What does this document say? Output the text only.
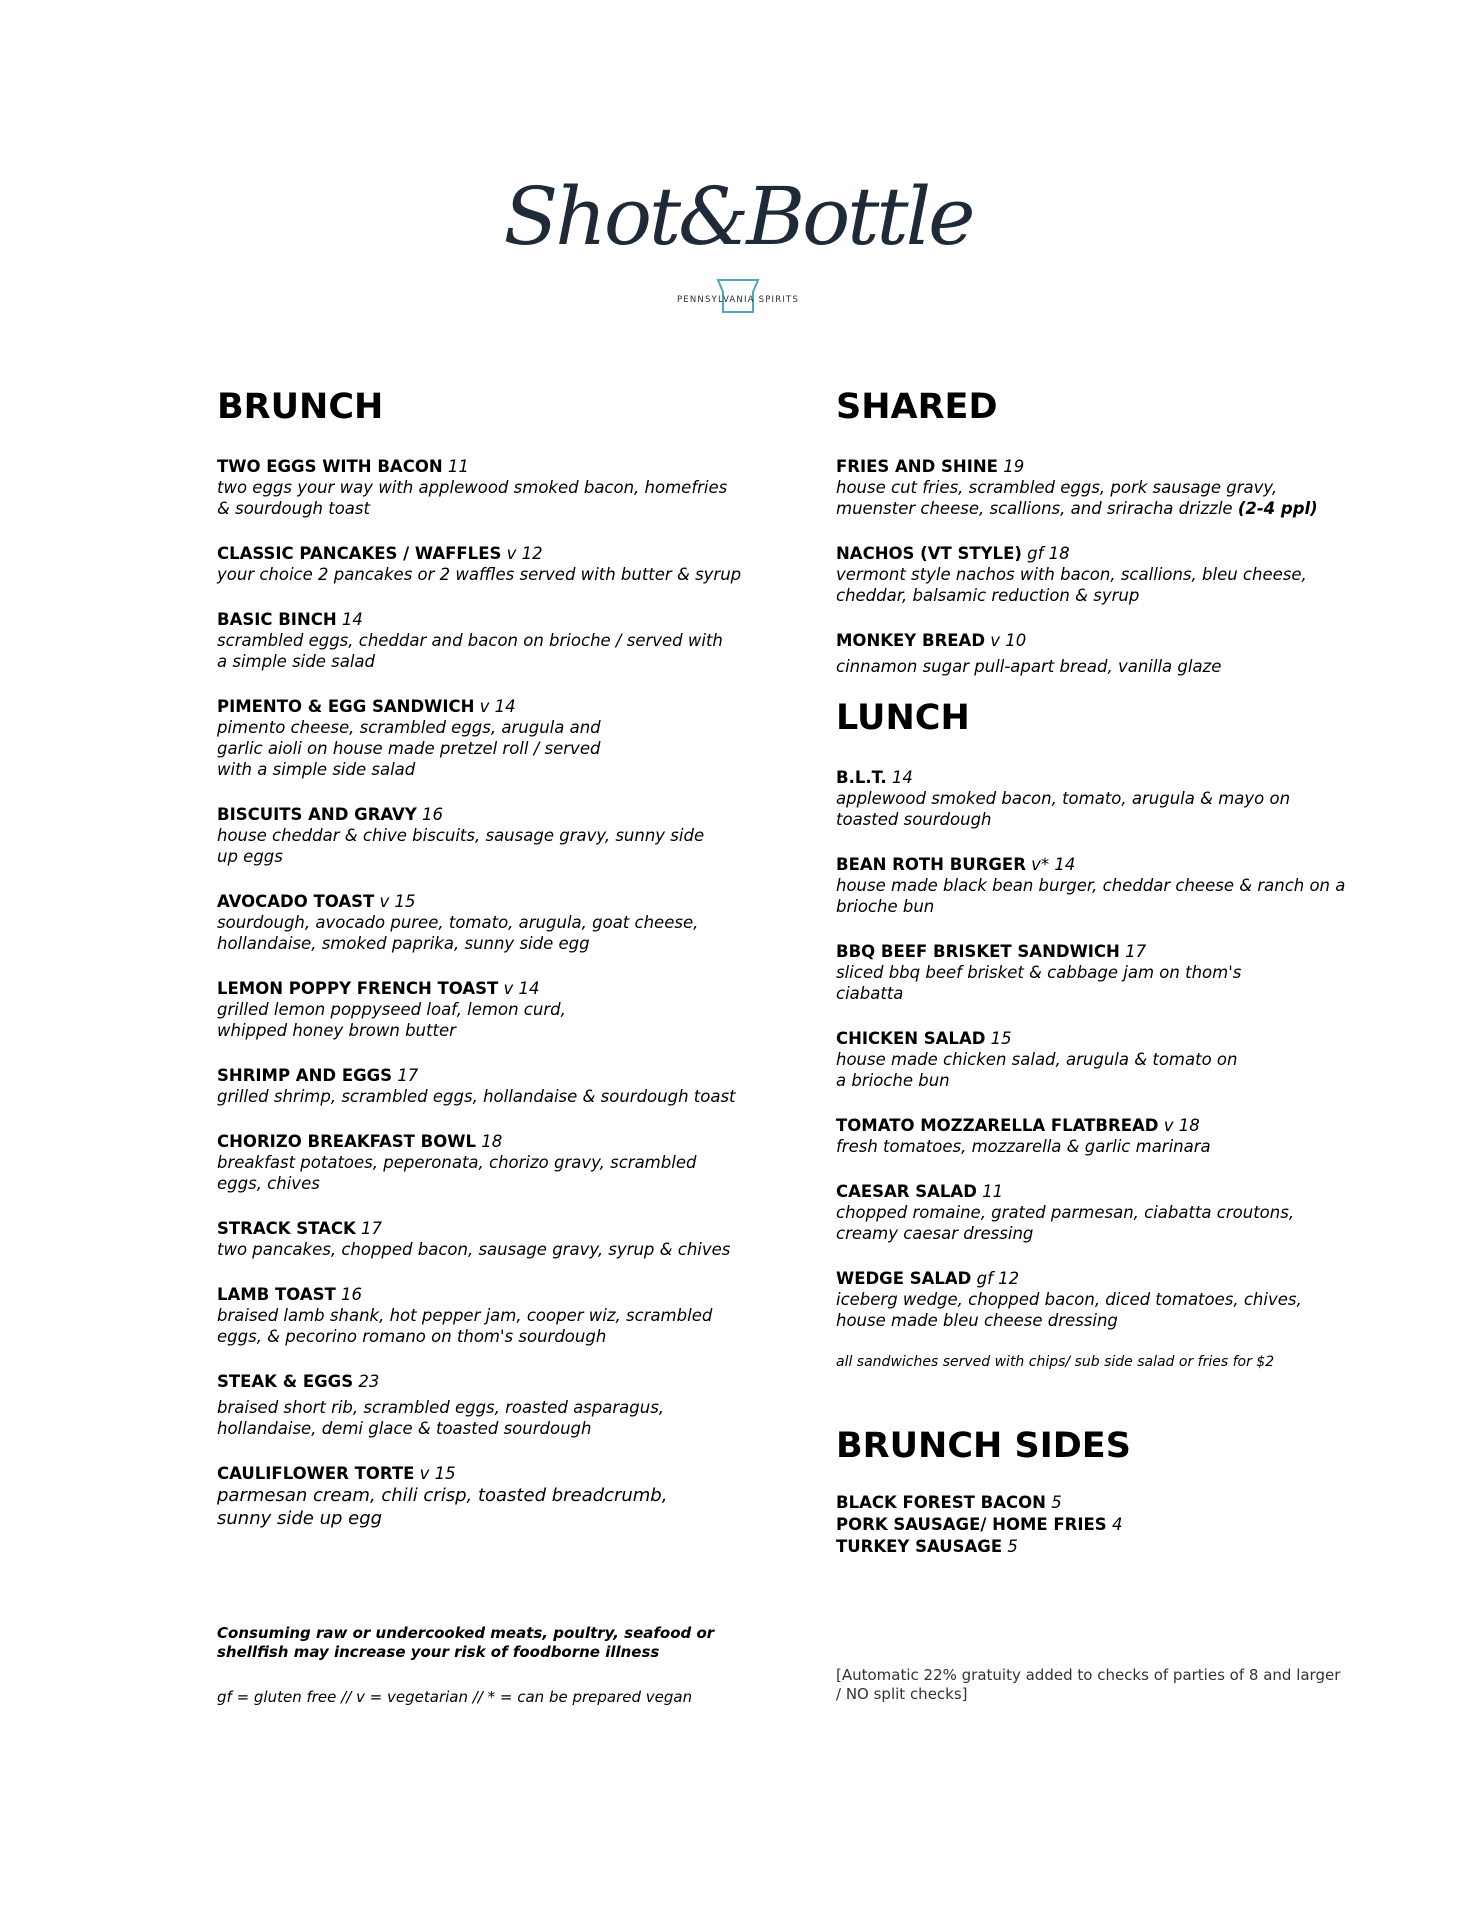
Shot&Bottle
PENNSYLVANIA SPIRITS
BRUNCH
TWO EGGS WITH BACON 11
two eggs your way with applewood smoked bacon, homefries
& sourdough toast
CLASSIC PANCAKES / WAFFLES v 12
your choice 2 pancakes or 2 waffles served with butter & syrup
BASIC BINCH 14
scrambled eggs, cheddar and bacon on brioche / served with
a simple side salad
PIMENTO & EGG SANDWICH v 14
pimento cheese, scrambled eggs, arugula and
garlic aioli on house made pretzel roll / served
with a simple side salad
BISCUITS AND GRAVY 16
house cheddar & chive biscuits, sausage gravy, sunny side
up eggs
AVOCADO TOAST v 15
sourdough, avocado puree, tomato, arugula, goat cheese,
hollandaise, smoked paprika, sunny side egg
LEMON POPPY FRENCH TOAST v 14
grilled lemon poppyseed loaf, lemon curd,
whipped honey brown butter
SHRIMP AND EGGS 17
grilled shrimp, scrambled eggs, hollandaise & sourdough toast
CHORIZO BREAKFAST BOWL 18
breakfast potatoes, peperonata, chorizo gravy, scrambled
eggs, chives
STRACK STACK 17
two pancakes, chopped bacon, sausage gravy, syrup & chives
LAMB TOAST 16
braised lamb shank, hot pepper jam, cooper wiz, scrambled
eggs, & pecorino romano on thom's sourdough
STEAK & EGGS 23
braised short rib, scrambled eggs, roasted asparagus,
hollandaise, demi glace & toasted sourdough
CAULIFLOWER TORTE v 15
parmesan cream, chili crisp, toasted breadcrumb,
sunny side up egg
SHARED
FRIES AND SHINE 19
house cut fries, scrambled eggs, pork sausage gravy,
muenster cheese, scallions, and sriracha drizzle (2-4 ppl)
NACHOS (VT STYLE) gf 18
vermont style nachos with bacon, scallions, bleu cheese,
cheddar, balsamic reduction & syrup
MONKEY BREAD v 10
cinnamon sugar pull-apart bread, vanilla glaze
LUNCH
B.L.T. 14
applewood smoked bacon, tomato, arugula & mayo on
toasted sourdough
BEAN ROTH BURGER v* 14
house made black bean burger, cheddar cheese & ranch on a
brioche bun
BBQ BEEF BRISKET SANDWICH 17
sliced bbq beef brisket & cabbage jam on thom's
ciabatta
CHICKEN SALAD 15
house made chicken salad, arugula & tomato on
a brioche bun
TOMATO MOZZARELLA FLATBREAD v 18
fresh tomatoes, mozzarella & garlic marinara
CAESAR SALAD 11
chopped romaine, grated parmesan, ciabatta croutons,
creamy caesar dressing
WEDGE SALAD gf 12
iceberg wedge, chopped bacon, diced tomatoes, chives,
house made bleu cheese dressing
all sandwiches served with chips/ sub side salad or fries for $2
BRUNCH SIDES
BLACK FOREST BACON 5
PORK SAUSAGE/ HOME FRIES 4
TURKEY SAUSAGE 5
Consuming raw or undercooked meats, poultry, seafood or
shellfish may increase your risk of foodborne illness
gf = gluten free // v = vegetarian // * = can be prepared vegan
[Automatic 22% gratuity added to checks of parties of 8 and larger
/ NO split checks]
